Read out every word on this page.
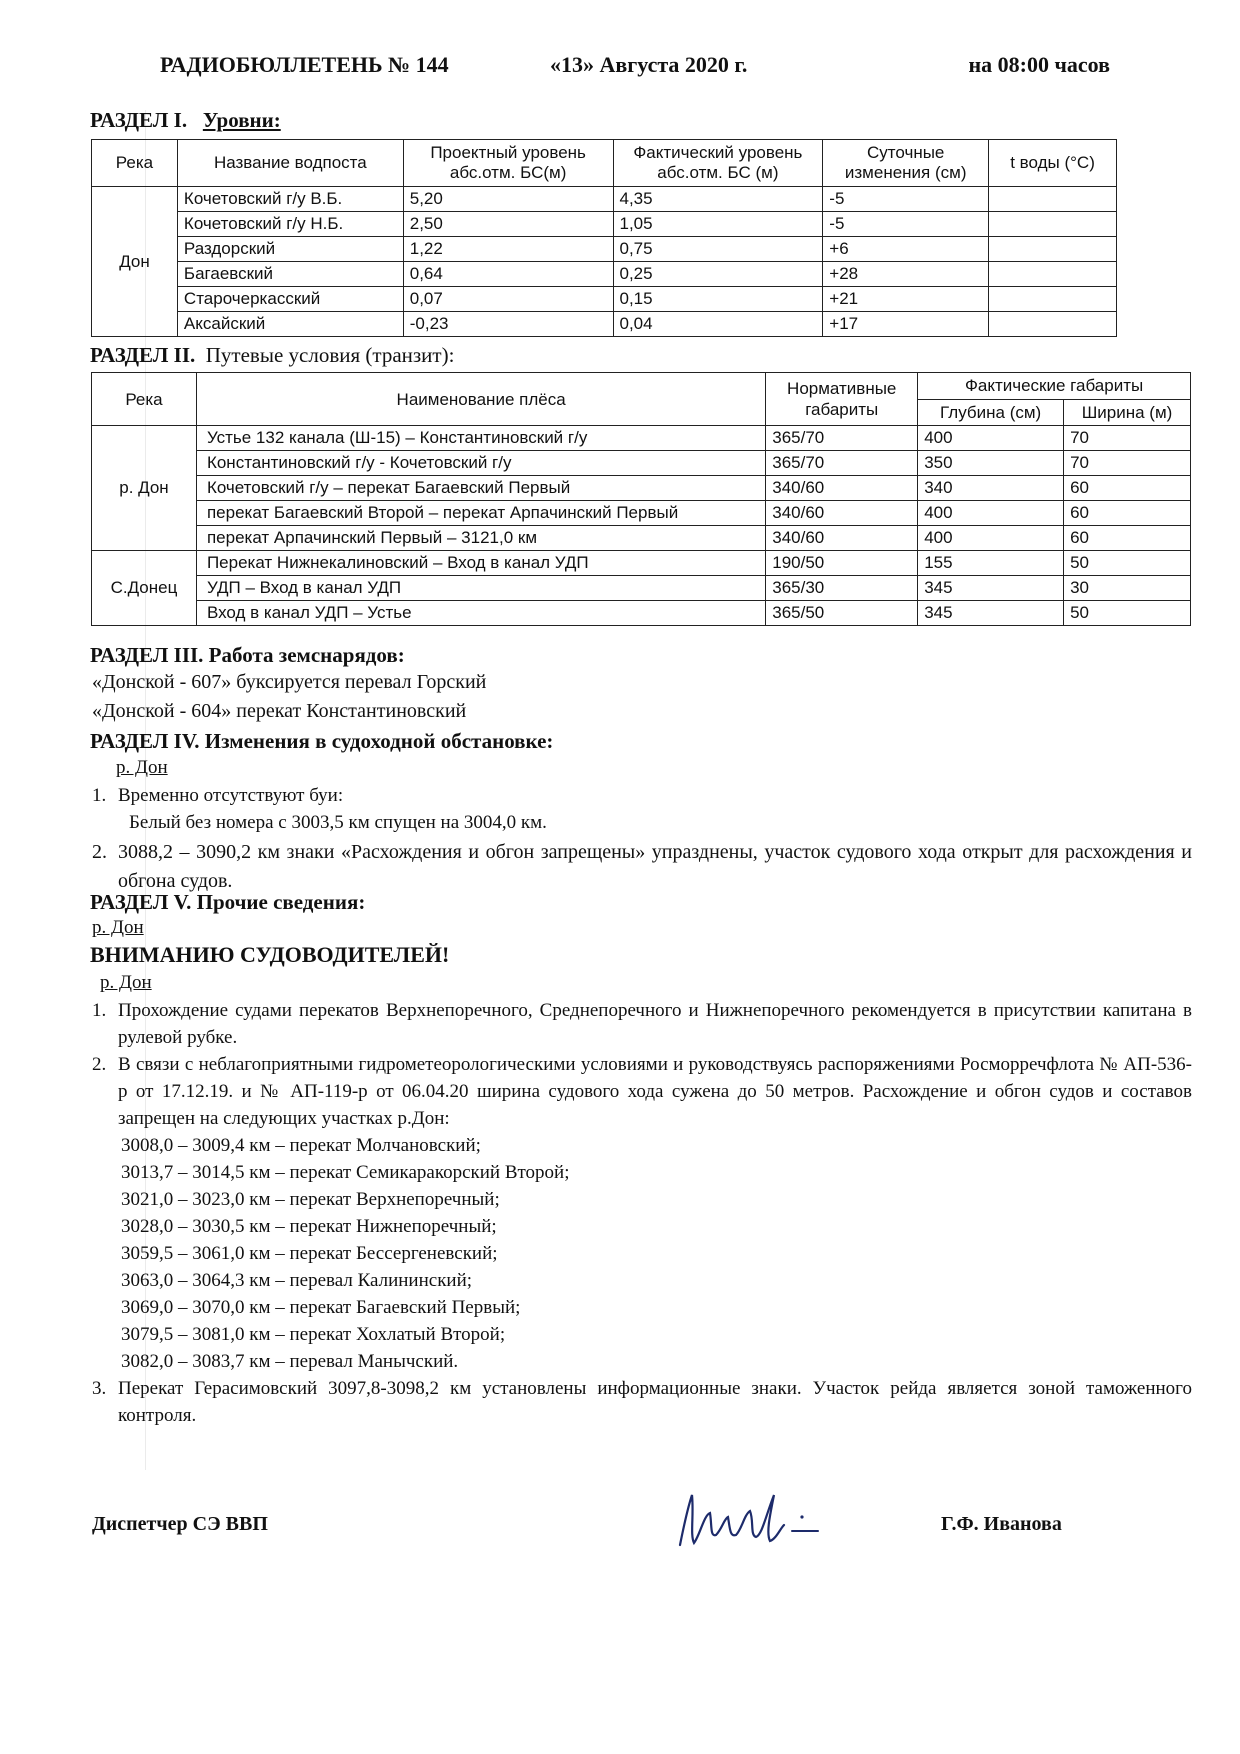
РАДИОБЮЛЛЕТЕНЬ № 144	«13» Августа 2020 г.	на 08:00 часов
РАЗДЕЛ I. Уровни:
Река	Название водпоста	Проектный уровень абс.отм. БС(м)	Фактический уровень абс.отм. БС (м)	Суточные изменения (см)	t воды (°C)
Дон	Кочетовский г/у В.Б.	5,20	4,35	-5	
	Кочетовский г/у Н.Б.	2,50	1,05	-5	
	Раздорский	1,22	0,75	+6	
	Багаевский	0,64	0,25	+28	
	Старочеркасский	0,07	0,15	+21	
	Аксайский	-0,23	0,04	+17	
РАЗДЕЛ II. Путевые условия (транзит):
Река	Наименование плёса	Нормативные габариты	Фактические габариты	
			Глубина (см)	Ширина (м)
р. Дон	Устье 132 канала (Ш-15) – Константиновский г/у	365/70	400	70
	Константиновский г/у - Кочетовский г/у	365/70	350	70
	Кочетовский г/у – перекат Багаевский Первый	340/60	340	60
	перекат Багаевский Второй – перекат Арпачинский Первый	340/60	400	60
	перекат Арпачинский Первый – 3121,0 км	340/60	400	60
С.Донец	Перекат Нижнекалиновский – Вход в канал УДП	190/50	155	50
	УДП – Вход в канал УДП	365/30	345	30
	Вход в канал УДП – Устье	365/50	345	50
РАЗДЕЛ III. Работа земснарядов:
«Донской - 607» буксируется перевал Горский
«Донской - 604» перекат Константиновский
РАЗДЕЛ IV. Изменения в судоходной обстановке:
р. Дон
1. Временно отсутствуют буи:
Белый без номера с 3003,5 км спущен на 3004,0 км.
2. 3088,2 – 3090,2 км знаки «Расхождения и обгон запрещены» упразднены, участок судового хода открыт для расхождения и обгона судов.
РАЗДЕЛ V. Прочие сведения:
р. Дон
ВНИМАНИЮ СУДОВОДИТЕЛЕЙ!
р. Дон
1. Прохождение судами перекатов Верхнепоречного, Среднепоречного и Нижнепоречного рекомендуется в присутствии капитана в рулевой рубке.
2. В связи с неблагоприятными гидрометеорологическими условиями и руководствуясь распоряжениями Росморречфлота № АП-536-р от 17.12.19. и № АП-119-р от 06.04.20 ширина судового хода сужена до 50 метров. Расхождение и обгон судов и составов запрещен на следующих участках р.Дон:
3008,0 – 3009,4 км – перекат Молчановский;
3013,7 – 3014,5 км – перекат Семикаракорский Второй;
3021,0 – 3023,0 км – перекат Верхнепоречный;
3028,0 – 3030,5 км – перекат Нижнепоречный;
3059,5 – 3061,0 км – перекат Бессергеневский;
3063,0 – 3064,3 км – перевал Калининский;
3069,0 – 3070,0 км – перекат Багаевский Первый;
3079,5 – 3081,0 км – перекат Хохлатый Второй;
3082,0 – 3083,7 км – перевал Манычский.
3. Перекат Герасимовский 3097,8-3098,2 км установлены информационные знаки. Участок рейда является зоной таможенного контроля.
Диспетчер СЭ ВВП	Г.Ф. Иванова
